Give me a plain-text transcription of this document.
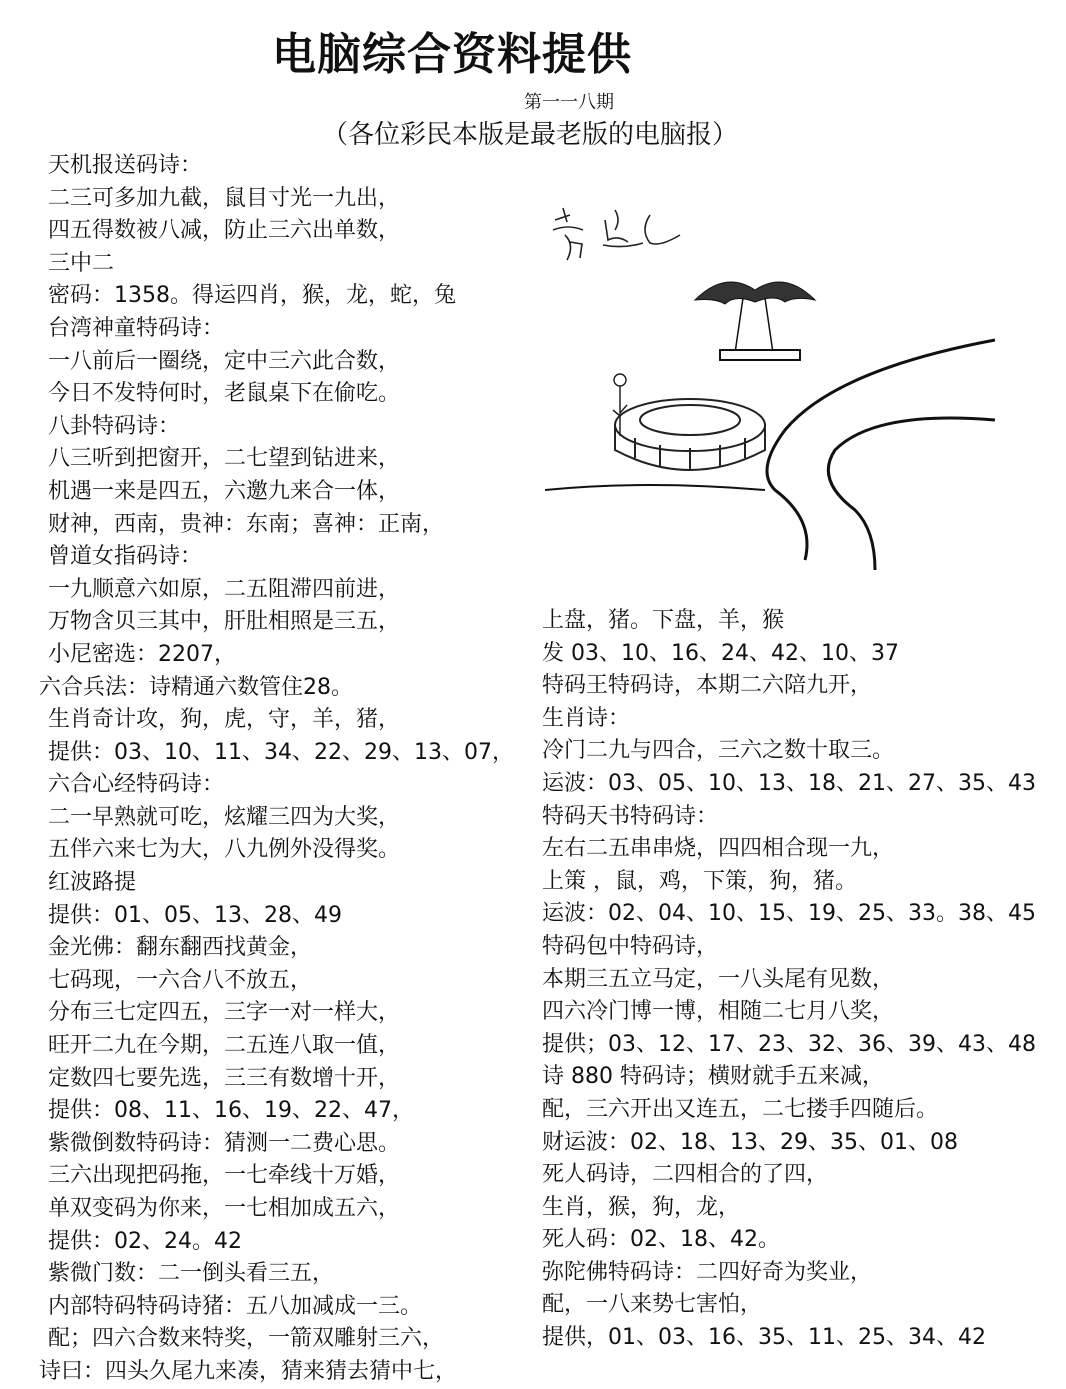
电脑综合资料提供
第一一八期
（各位彩民本版是最老版的电脑报）
天机报送码诗：
二三可多加九截，鼠目寸光一九出，
四五得数被八减，防止三六出单数，
三中二
密码：1358。得运四肖，猴，龙，蛇，兔
台湾神童特码诗：
一八前后一圈绕，定中三六此合数，
今日不发特何时，老鼠桌下在偷吃。
八卦特码诗：
八三听到把窗开，二七望到钻进来，
机遇一来是四五，六邀九来合一体，
财神，西南，贵神：东南；喜神：正南，
曾道女指码诗：
一九顺意六如原，二五阻滞四前进，
万物含贝三其中，肝肚相照是三五，
小尼密选：2207，
六合兵法：诗精通六数管住28。
生肖奇计攻，狗，虎，守，羊，猪，
提供：03、10、11、34、22、29、13、07，
六合心经特码诗：
二一早熟就可吃，炫耀三四为大奖，
五伴六来七为大，八九例外没得奖。
红波路提
提供：01、05、13、28、49
金光佛：翻东翻西找黄金，
七码现，一六合八不放五，
分布三七定四五，三字一对一样大，
旺开二九在今期，二五连八取一值，
定数四七要先选，三三有数增十开，
提供：08、11、16、19、22、47，
紫微倒数特码诗：猜测一二费心思。
三六出现把码拖，一七牵线十万婚，
单双变码为你来，一七相加成五六，
提供：02、24。42
紫微门数：二一倒头看三五，
内部特码特码诗猪：五八加减成一三。
配；四六合数来特奖，一箭双雕射三六，
诗曰：四头久尾九来凑，猜来猜去猜中七，
上盘，猪。下盘，羊，猴
发 03、10、16、24、42、10、37
特码王特码诗，本期二六陪九开，
生肖诗：
冷门二九与四合，三六之数十取三。
运波：03、05、10、13、18、21、27、35、43
特码天书特码诗：
左右二五串串烧，四四相合现一九，
上策 ，鼠，鸡，下策，狗，猪。
运波：02、04、10、15、19、25、33。38、45
特码包中特码诗，
本期三五立马定，一八头尾有见数，
四六冷门博一博，相随二七月八奖，
提供；03、12、17、23、32、36、39、43、48
诗 880 特码诗；横财就手五来减，
配，三六开出又连五，二七搂手四随后。
财运波：02、18、13、29、35、01、08
死人码诗，二四相合的了四，
生肖，猴，狗，龙，
死人码：02、18、42。
弥陀佛特码诗：二四好奇为奖业，
配，一八来势七害怕，
提供，01、03、16、35、11、25、34、42
